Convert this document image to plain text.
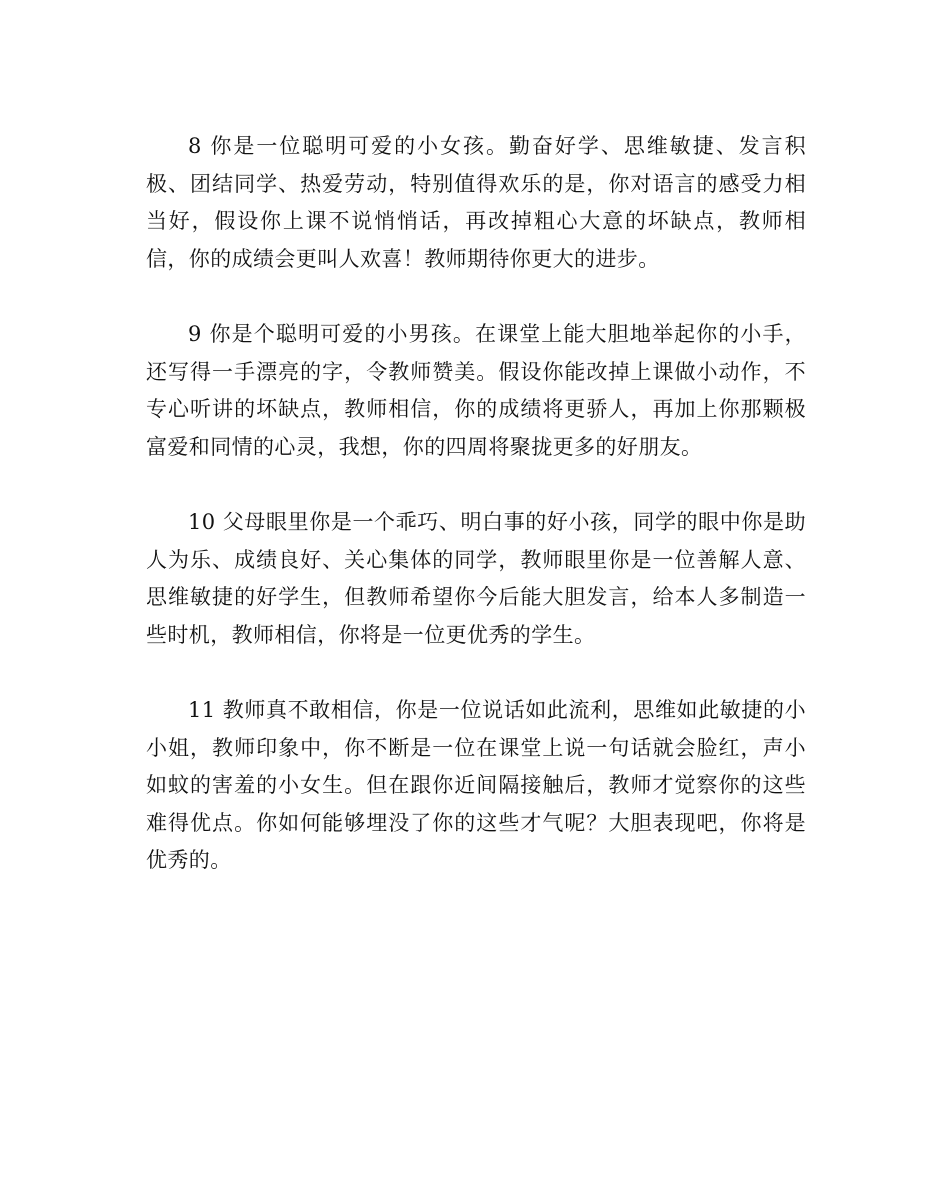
8 你是一位聪明可爱的小女孩。勤奋好学、思维敏捷、发言积极、团结同学、热爱劳动，特别值得欢乐的是，你对语言的感受力相当好，假设你上课不说悄悄话，再改掉粗心大意的坏缺点，教师相信，你的成绩会更叫人欢喜！教师期待你更大的进步。

9 你是个聪明可爱的小男孩。在课堂上能大胆地举起你的小手，还写得一手漂亮的字，令教师赞美。假设你能改掉上课做小动作，不专心听讲的坏缺点，教师相信，你的成绩将更骄人，再加上你那颗极富爱和同情的心灵，我想，你的四周将聚拢更多的好朋友。

10 父母眼里你是一个乖巧、明白事的好小孩，同学的眼中你是助人为乐、成绩良好、关心集体的同学，教师眼里你是一位善解人意、思维敏捷的好学生，但教师希望你今后能大胆发言，给本人多制造一些时机，教师相信，你将是一位更优秀的学生。

11 教师真不敢相信，你是一位说话如此流利，思维如此敏捷的小小姐，教师印象中，你不断是一位在课堂上说一句话就会脸红，声小如蚊的害羞的小女生。但在跟你近间隔接触后，教师才觉察你的这些难得优点。你如何能够埋没了你的这些才气呢？大胆表现吧，你将是优秀的。
